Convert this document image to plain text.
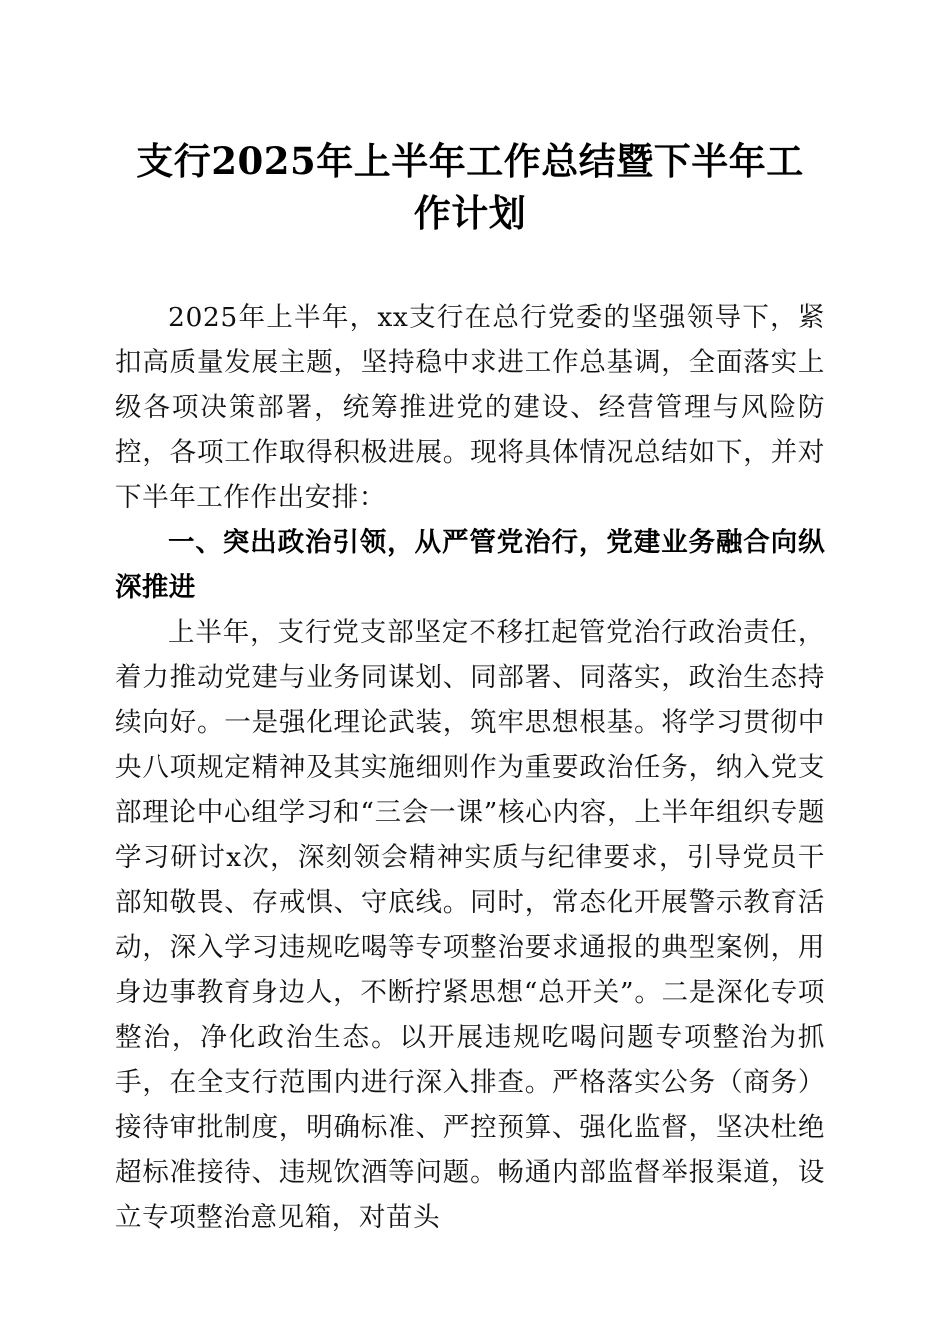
支行2025年上半年工作总结暨下半年工作计划

2025年上半年，xx支行在总行党委的坚强领导下，紧扣高质量发展主题，坚持稳中求进工作总基调，全面落实上级各项决策部署，统筹推进党的建设、经营管理与风险防控，各项工作取得积极进展。现将具体情况总结如下，并对下半年工作作出安排：

一、突出政治引领，从严管党治行，党建业务融合向纵深推进

上半年，支行党支部坚定不移扛起管党治行政治责任，着力推动党建与业务同谋划、同部署、同落实，政治生态持续向好。一是强化理论武装，筑牢思想根基。将学习贯彻中央八项规定精神及其实施细则作为重要政治任务，纳入党支部理论中心组学习和“三会一课”核心内容，上半年组织专题学习研讨x次，深刻领会精神实质与纪律要求，引导党员干部知敬畏、存戒惧、守底线。同时，常态化开展警示教育活动，深入学习违规吃喝等专项整治要求通报的典型案例，用身边事教育身边人，不断拧紧思想“总开关”。二是深化专项整治，净化政治生态。以开展违规吃喝问题专项整治为抓手，在全支行范围内进行深入排查。严格落实公务（商务）接待审批制度，明确标准、严控预算、强化监督，坚决杜绝超标准接待、违规饮酒等问题。畅通内部监督举报渠道，设立专项整治意见箱，对苗头
